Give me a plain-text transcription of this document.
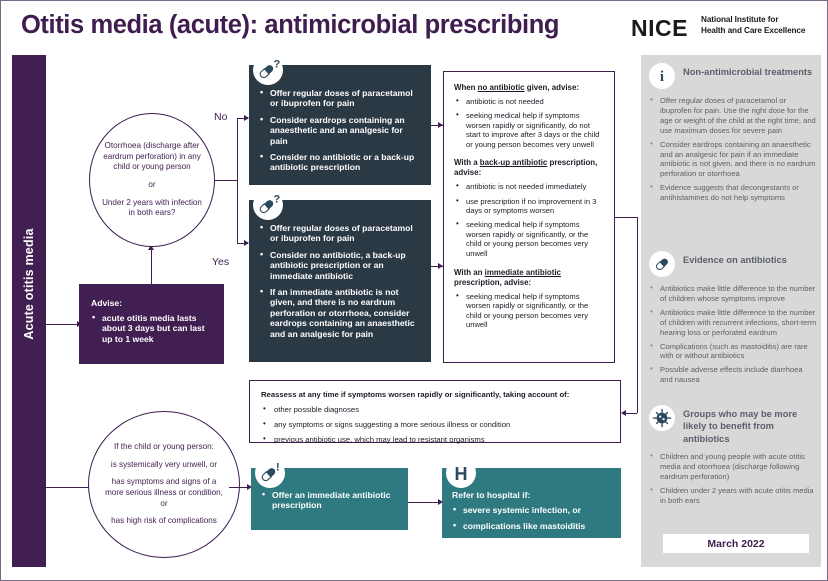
Otitis media (acute): antimicrobial prescribing	NICE National Institute for
Health and Care Excellence
Acute otitis media
i Non-antimicrobial treatments
• Offer regular doses of paracetamol or ibuprofen for pain. Use the right dose for the age or weight of the child at the right time, and use maximum doses for severe pain
• Consider eardrops containing an anaesthetic and an analgesic for pain if an immediate antibiotic is not given, and there is no eardrum perforation or otorrhoea
• Evidence suggests that decongestants or antihistamines do not help symptoms
Evidence on antibiotics
• Antibiotics make little difference to the number of children whose symptoms improve
• Antibiotics make little difference to the number of children with recurrent infections, short-term hearing loss or perforated eardrum
• Complications (such as mastoiditis) are rare with or without antibiotics
• Possible adverse effects include diarrhoea and nausea
Groups who may be more likely to benefit from antibiotics
• Children and young people with acute otitis media and otorrhoea (discharge following eardrum perforation)
• Children under 2 years with acute otitis media in both ears
March 2022
Advise:
• acute otitis media lasts about 3 days but can last up to 1 week

Otorrhoea (discharge after eardrum perforation) in any child or young person

or

Under 2 years with infection in both ears?

No
Yes
• Offer regular doses of paracetamol or ibuprofen for pain
• Consider eardrops containing an anaesthetic and an analgesic for pain
• Consider no antibiotic or a back-up antibiotic prescription
?
• Offer regular doses of paracetamol or ibuprofen for pain
• Consider no antibiotic, a back-up antibiotic prescription or an immediate antibiotic
• If an immediate antibiotic is not given, and there is no eardrum perforation or otorrhoea, consider eardrops containing an anaesthetic and an analgesic for pain
?
When no antibiotic given, advise:
• antibiotic is not needed
• seeking medical help if symptoms worsen rapidly or significantly, do not start to improve after 3 days or the child or young person becomes very unwell
With a back-up antibiotic prescription, advise:
• antibiotic is not needed immediately
• use prescription if no improvement in 3 days or symptoms worsen
• seeking medical help if symptoms worsen rapidly or significantly, or the child or young person becomes very unwell
With an immediate antibiotic prescription, advise:
• seeking medical help if symptoms worsen rapidly or significantly, or the child or young person becomes very unwell
Reassess at any time if symptoms worsen rapidly or significantly, taking account of:
• other possible diagnoses
• any symptoms or signs suggesting a more serious illness or condition
• previous antibiotic use, which may lead to resistant organisms

If the child or young person:

is systemically very unwell, or

has symptoms and signs of a more serious illness or condition, or

has high risk of complications

• Offer an immediate antibiotic prescription
!
Refer to hospital if:
• severe systemic infection, or
• complications like mastoiditis
H
